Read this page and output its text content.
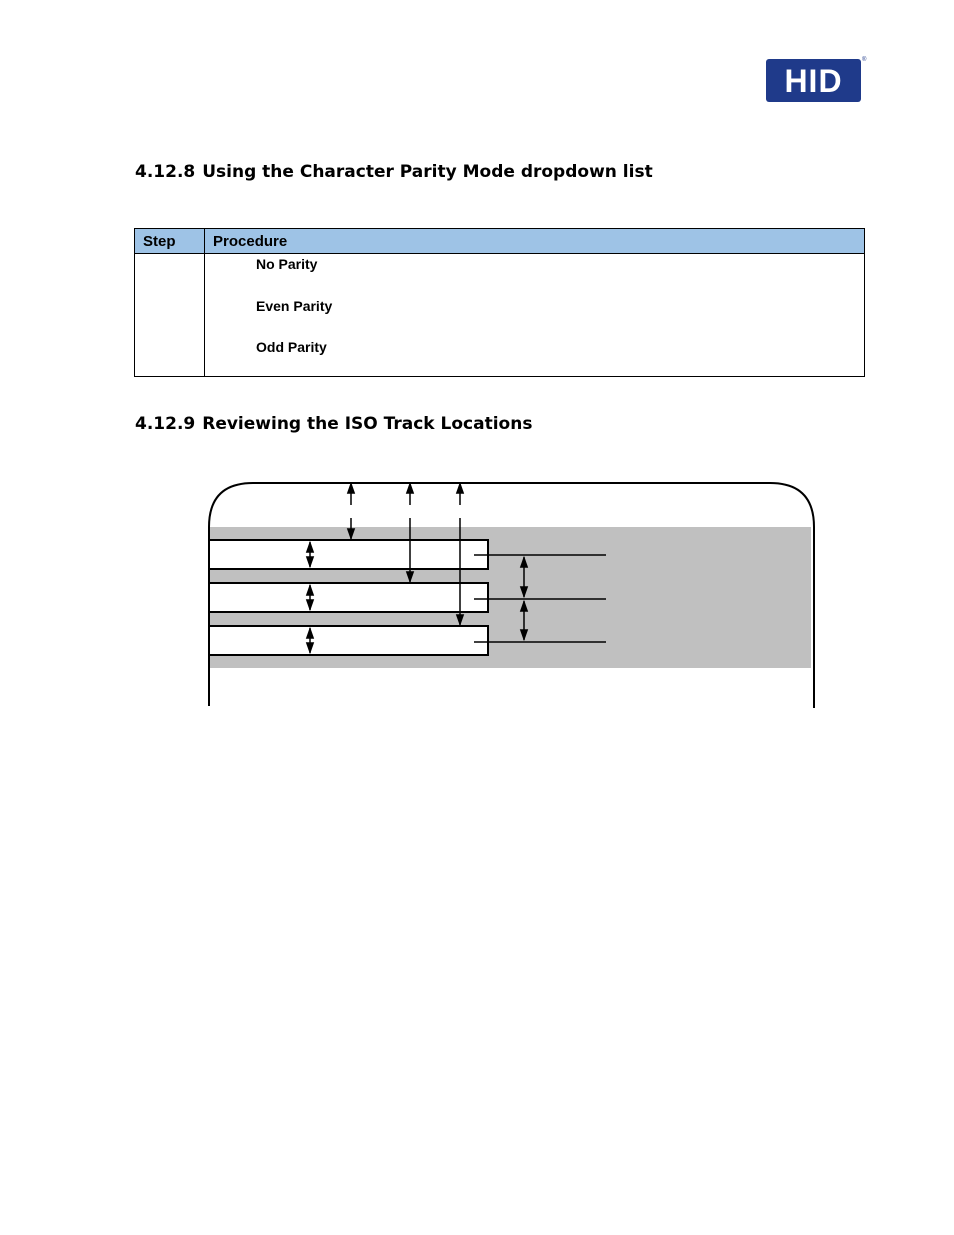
HID
®
4.12.8 Using the Character Parity Mode dropdown list
Step	Procedure

	No Parity
Even Parity
Odd Parity
4.12.9 Reviewing the ISO Track Locations
